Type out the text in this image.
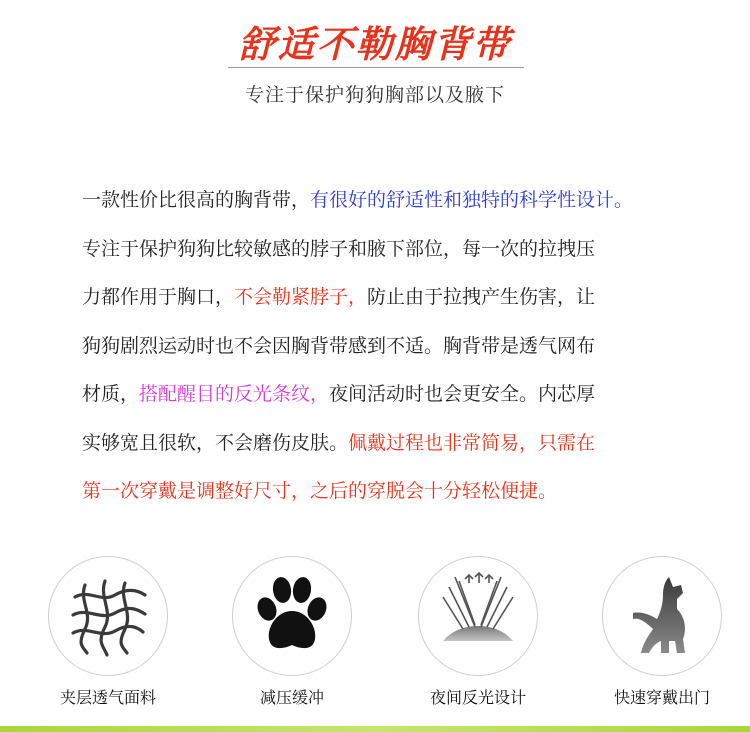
舒适不勒胸背带
专注于保护狗狗胸部以及腋下
一款性价比很高的胸背带，有很好的舒适性和独特的科学性设计。
专注于保护狗狗比较敏感的脖子和腋下部位，每一次的拉拽压
力都作用于胸口，不会勒紧脖子，防止由于拉拽产生伤害，让
狗狗剧烈运动时也不会因胸背带感到不适。胸背带是透气网布
材质，搭配醒目的反光条纹，夜间活动时也会更安全。内芯厚
实够宽且很软，不会磨伤皮肤。佩戴过程也非常简易，只需在
第一次穿戴是调整好尺寸，之后的穿脱会十分轻松便捷。
夹层透气面料	减压缓冲	夜间反光设计	快速穿戴出门
